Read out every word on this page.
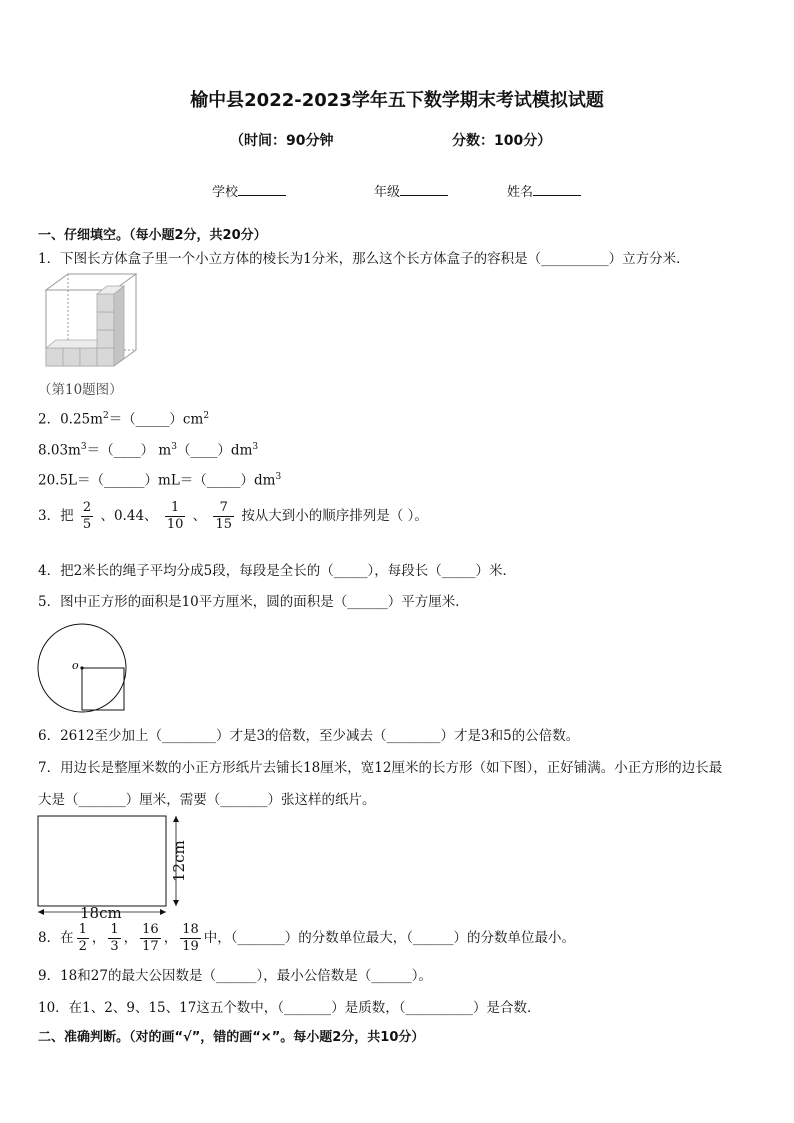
榆中县2022-2023学年五下数学期末考试模拟试题
（时间：90分钟	分数：100分）
学校	年级	姓名
一、仔细填空。（每小题2分，共20分）
1．下图长方体盒子里一个小立方体的棱长为1分米，那么这个长方体盒子的容积是（__________）立方分米．
（第10题图）
2．$0.25m^2=(\_\_\_\_\_)cm^2$
$8.03m^3=(\_\_\_\_)$ $m^3(\_\_\_\_)dm^3$
$20.5L=(\_\_\_\_\_\_)mL=(\_\_\_\_\_)dm^3$
3．把 $\frac{2}{5}$ 、0.44、 $\frac{1}{10}$ 、 $\frac{7}{15}$ 按从大到小的顺序排列是（ ）。
4．把2米长的绳子平均分成5段，每段是全长的（_____），每段长（_____）米．
5．图中正方形的面积是10平方厘米，圆的面积是（______）平方厘米．
o
6．2612至少加上（________）才是3的倍数，至少减去（________）才是3和5的公倍数。
7．用边长是整厘米数的小正方形纸片去铺长18厘米，宽12厘米的长方形（如下图），正好铺满。小正方形的边长最
大是（_______）厘米，需要（_______）张这样的纸片。
18cm
12cm
8．在 $\frac{1}{2}$ ， $\frac{1}{3}$ ， $\frac{16}{17}$ ， $\frac{18}{19}$ 中，（_______）的分数单位最大，（______）的分数单位最小。
9．18和27的最大公因数是（______），最小公倍数是（______）。
10．在1、2、9、15、17这五个数中，（_______）是质数，（__________）是合数．
二、准确判断。（对的画“√”，错的画“×”。每小题2分，共10分）
